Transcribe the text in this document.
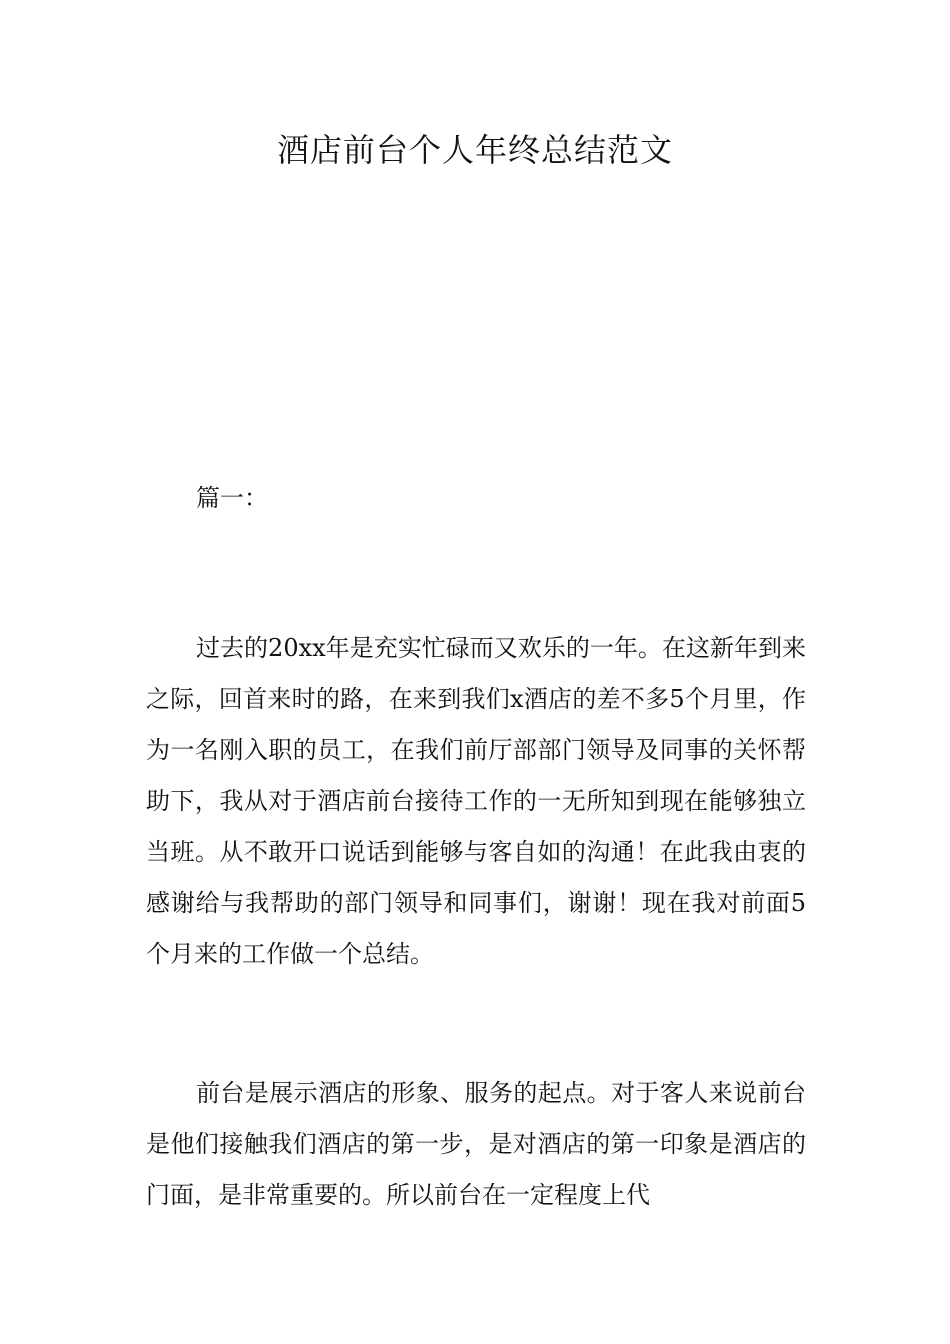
酒店前台个人年终总结范文

篇一：

过去的20xx年是充实忙碌而又欢乐的一年。在这新年到来之际，回首来时的路，在来到我们x酒店的差不多5个月里，作为一名刚入职的员工，在我们前厅部部门领导及同事的关怀帮助下，我从对于酒店前台接待工作的一无所知到现在能够独立当班。从不敢开口说话到能够与客自如的沟通！在此我由衷的感谢给与我帮助的部门领导和同事们，谢谢！现在我对前面5个月来的工作做一个总结。

前台是展示酒店的形象、服务的起点。对于客人来说前台是他们接触我们酒店的第一步，是对酒店的第一印象是酒店的门面，是非常重要的。所以前台在一定程度上代
